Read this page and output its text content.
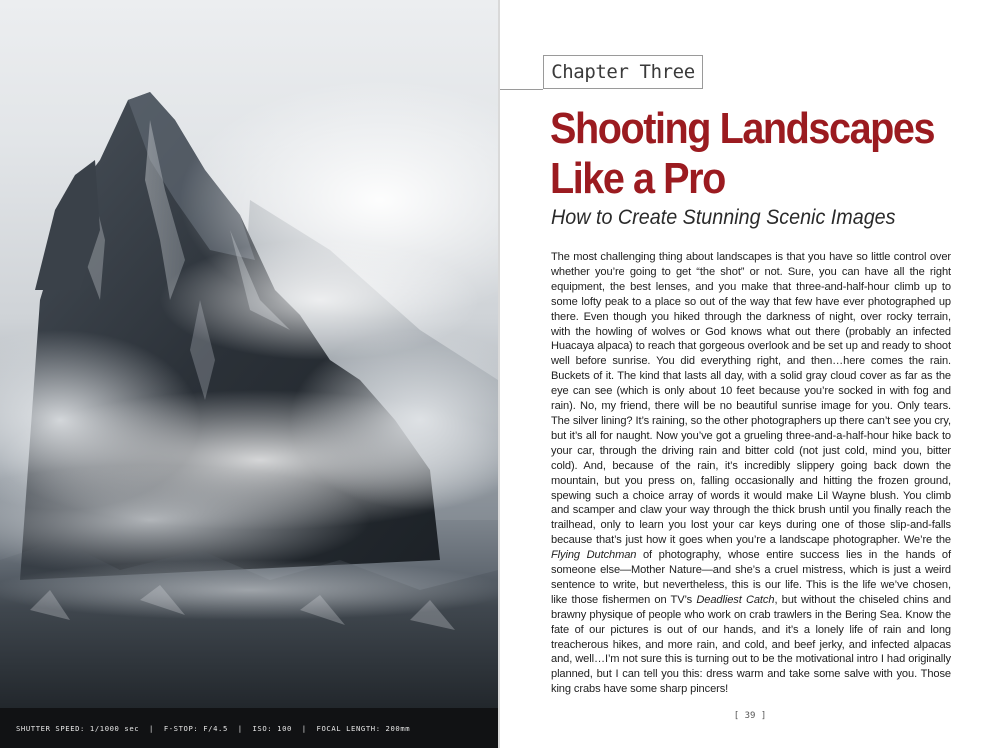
SHUTTER SPEED: 1/1000 sec  |  F-STOP: F/4.5  |  ISO: 100  |  FOCAL LENGTH: 200mm
Chapter Three
Shooting Landscapes
Like a Pro

How to Create Stunning Scenic Images

The most challenging thing about landscapes is that you have so little control over whether you’re going to get “the shot” or not. Sure, you can have all the right equipment, the best lenses, and you make that three-and-half-hour climb up to some lofty peak to a place so out of the way that few have ever photographed up there. Even though you hiked through the darkness of night, over rocky terrain, with the howling of wolves or God knows what out there (probably an infected Huacaya alpaca) to reach that gorgeous overlook and be set up and ready to shoot well before sunrise. You did everything right, and then…here comes the rain. Buckets of it. The kind that lasts all day, with a solid gray cloud cover as far as the eye can see (which is only about 10 feet because you’re socked in with fog and rain). No, my friend, there will be no beautiful sunrise image for you. Only tears. The silver lining? It’s raining, so the other photographers up there can’t see you cry, but it’s all for naught. Now you’ve got a grueling three-and-a-half-hour hike back to your car, through the driving rain and bitter cold (not just cold, mind you, bitter cold). And, because of the rain, it’s incredibly slippery going back down the mountain, but you press on, falling occasionally and hitting the frozen ground, spewing such a choice array of words it would make Lil Wayne blush. You climb and scamper and claw your way through the thick brush until you finally reach the trailhead, only to learn you lost your car keys during one of those slip-and-falls because that’s just how it goes when you’re a landscape photographer. We’re the Flying Dutchman of photography, whose entire success lies in the hands of someone else—Mother Nature—and she’s a cruel mistress, which is just a weird sentence to write, but nevertheless, this is our life. This is the life we’ve chosen, like those fishermen on TV’s Deadliest Catch, but without the chiseled chins and brawny physique of people who work on crab trawlers in the Bering Sea. Know the fate of our pictures is out of our hands, and it’s a lonely life of rain and long treacherous hikes, and more rain, and cold, and beef jerky, and infected alpacas and, well…I’m not sure this is turning out to be the motivational intro I had originally planned, but I can tell you this: dress warm and take some salve with you. Those king crabs have some sharp pincers!

[ 39 ]
